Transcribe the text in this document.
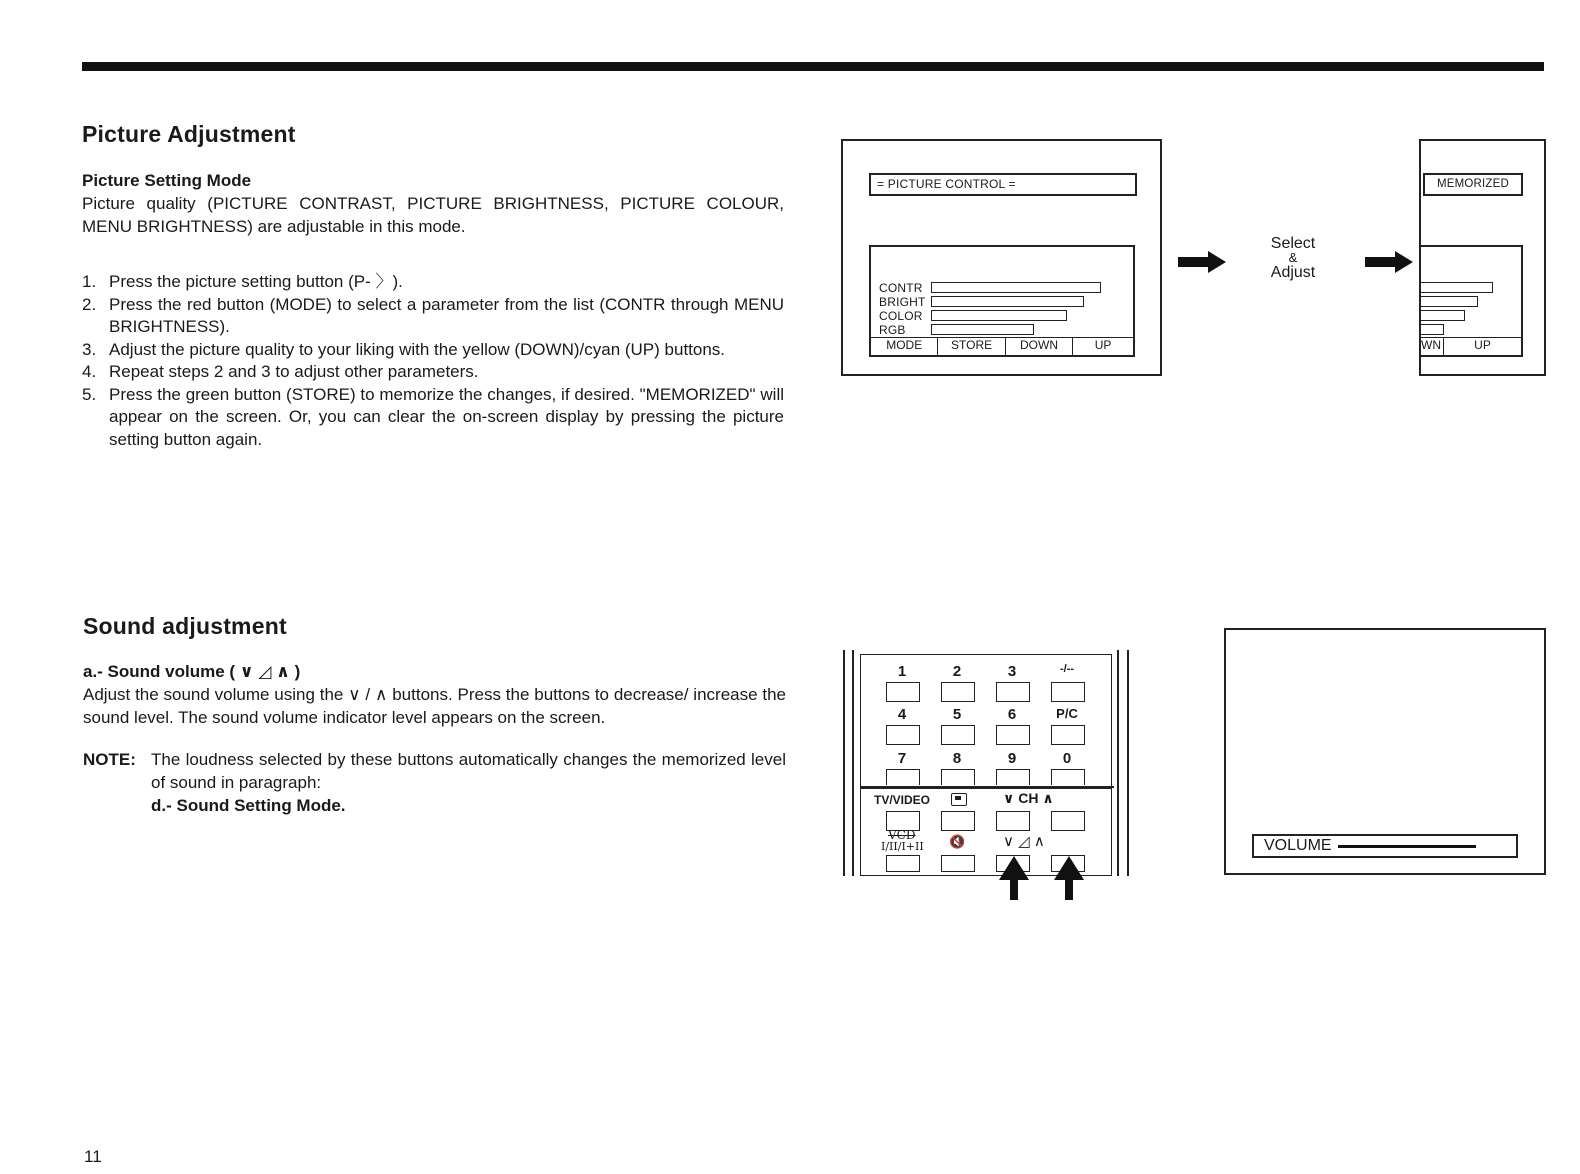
Picture Adjustment
Picture Setting Mode
Picture quality (PICTURE CONTRAST, PICTURE BRIGHTNESS, PICTURE COLOUR, MENU BRIGHTNESS) are adjustable in this mode.
1. Press the picture setting button (P- 〉).
2. Press the red button (MODE) to select a parameter from the list (CONTR through MENU BRIGHTNESS).
3. Adjust the picture quality to your liking with the yellow (DOWN)/cyan (UP) buttons.
4. Repeat steps 2 and 3 to adjust other parameters.
5. Press the green button (STORE) to memorize the changes, if desired. "MEMORIZED" will appear on the screen. Or, you can clear the on-screen display by pressing the picture setting button again.
= PICTURE CONTROL =
CONTR
BRIGHT
COLOR
RGB
MODE	STORE	DOWN	UP
Select
&
Adjust
MEMORIZED
WN	UP
Sound adjustment
a.- Sound volume ( ∨ ◿ ∧ )
Adjust the sound volume using the ∨ / ∧ buttons. Press the buttons to decrease/ increase the sound level. The sound volume indicator level appears on the screen.
NOTE: The loudness selected by these buttons automatically changes the memorized level of sound in paragraph:
d.- Sound Setting Mode.
1	2	3	-/--
4	5	6	P/C
7	8	9	0
TV/VIDEO	∨ CH ∧
VCD
I/II/I+II 🔇	∨ ◿ ∧	VOLUME
11
